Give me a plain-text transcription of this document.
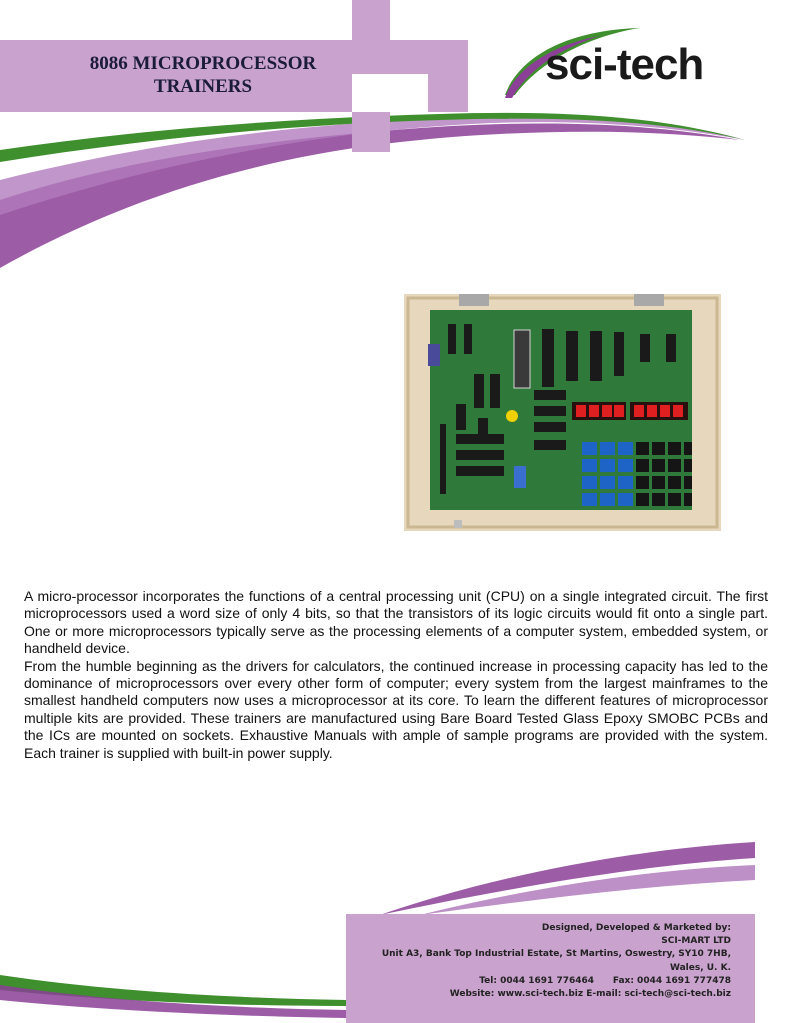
8086 MICROPROCESSOR
TRAINERS	sci-tech

A micro-processor incorporates the functions of a central processing unit (CPU) on a single integrated circuit. The first microprocessors used a word size of only 4 bits, so that the transistors of its logic circuits would fit onto a single part. One or more microprocessors typically serve as the processing elements of a computer system, embedded system, or handheld device.

From the humble beginning as the drivers for calculators, the continued increase in processing capacity has led to the dominance of microprocessors over every other form of computer; every system from the largest mainframes to the smallest handheld computers now uses a microprocessor at its core. To learn the different features of microprocessor multiple kits are provided. These trainers are manufactured using Bare Board Tested Glass Epoxy SMOBC PCBs and the ICs are mounted on sockets. Exhaustive Manuals with ample of sample programs are provided with the system. Each trainer is supplied with built-in power supply.

Designed, Developed & Marketed by:
SCI-MART LTD
Unit A3, Bank Top Industrial Estate, St Martins, Oswestry, SY10 7HB,
Wales, U. K.
Tel: 0044 1691 776464      Fax: 0044 1691 777478
Website: www.sci-tech.biz E-mail: sci-tech@sci-tech.biz
